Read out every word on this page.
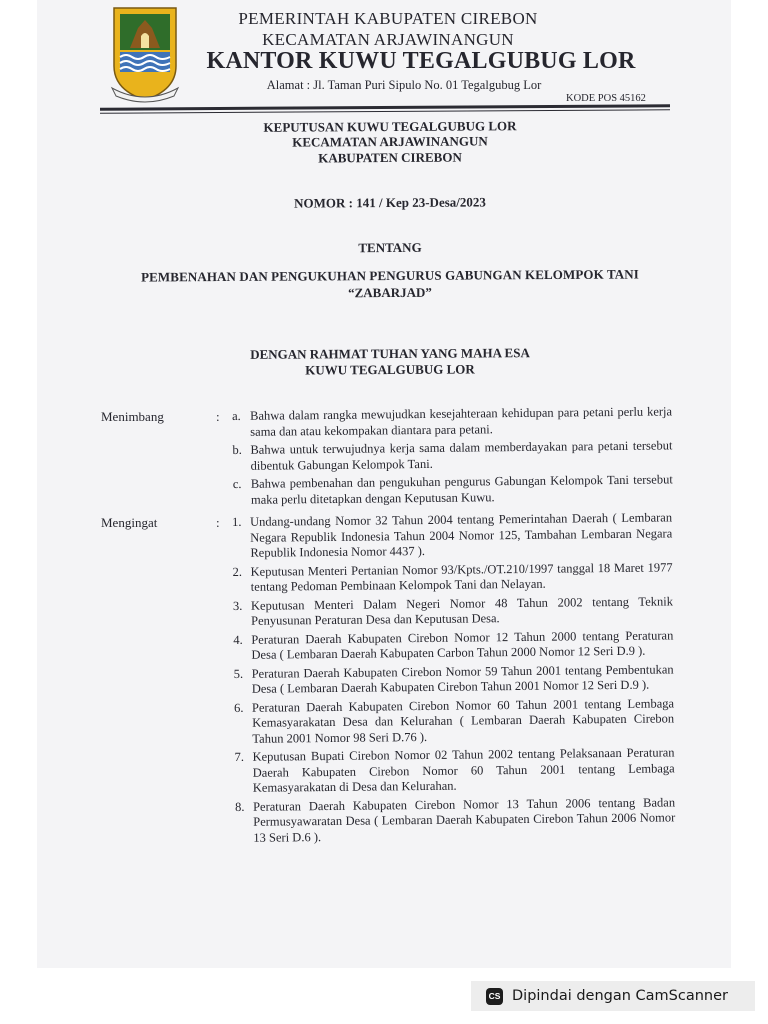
PEMERINTAH KABUPATEN CIREBON
KECAMATAN ARJAWINANGUN
KANTOR KUWU TEGALGUBUG LOR
Alamat : Jl. Taman Puri Sipulo No. 01 Tegalgubug Lor
KODE POS 45162
KEPUTUSAN KUWU TEGALGUBUG LOR
KECAMATAN ARJAWINANGUN
KABUPATEN CIREBON
NOMOR : 141 / Kep 23-Desa/2023
TENTANG
PEMBENAHAN DAN PENGUKUHAN PENGURUS GABUNGAN KELOMPOK TANI
“ZABARJAD”
DENGAN RAHMAT TUHAN YANG MAHA ESA
KUWU TEGALGUBUG LOR
Menimbang	: a. Bahwa dalam rangka mewujudkan kesejahteraan kehidupan para petani perlu kerja sama dan atau kekompakan diantara para petani.
b. Bahwa untuk terwujudnya kerja sama dalam memberdayakan para petani tersebut dibentuk Gabungan Kelompok Tani.
c. Bahwa pembenahan dan pengukuhan pengurus Gabungan Kelompok Tani tersebut maka perlu ditetapkan dengan Keputusan Kuwu.
Mengingat	: 1. Undang-undang Nomor 32 Tahun 2004 tentang Pemerintahan Daerah ( Lembaran Negara Republik Indonesia Tahun 2004 Nomor 125, Tambahan Lembaran Negara Republik Indonesia Nomor 4437 ).
2. Keputusan Menteri Pertanian Nomor 93/Kpts./OT.210/1997 tanggal 18 Maret 1977 tentang Pedoman Pembinaan Kelompok Tani dan Nelayan.
3. Keputusan Menteri Dalam Negeri Nomor 48 Tahun 2002 tentang Teknik Penyusunan Peraturan Desa dan Keputusan Desa.
4. Peraturan Daerah Kabupaten Cirebon Nomor 12 Tahun 2000 tentang Peraturan Desa ( Lembaran Daerah Kabupaten Carbon Tahun 2000 Nomor 12 Seri D.9 ).
5. Peraturan Daerah Kabupaten Cirebon Nomor 59 Tahun 2001 tentang Pembentukan Desa ( Lembaran Daerah Kabupaten Cirebon Tahun 2001 Nomor 12 Seri D.9 ).
6. Peraturan Daerah Kabupaten Cirebon Nomor 60 Tahun 2001 tentang Lembaga Kemasyarakatan Desa dan Kelurahan ( Lembaran Daerah Kabupaten Cirebon Tahun 2001 Nomor 98 Seri D.76 ).
7. Keputusan Bupati Cirebon Nomor 02 Tahun 2002 tentang Pelaksanaan Peraturan Daerah Kabupaten Cirebon Nomor 60 Tahun 2001 tentang Lembaga Kemasyarakatan di Desa dan Kelurahan.
8. Peraturan Daerah Kabupaten Cirebon Nomor 13 Tahun 2006 tentang Badan Permusyawaratan Desa ( Lembaran Daerah Kabupaten Cirebon Tahun 2006 Nomor 13 Seri D.6 ).
CS Dipindai dengan CamScanner
